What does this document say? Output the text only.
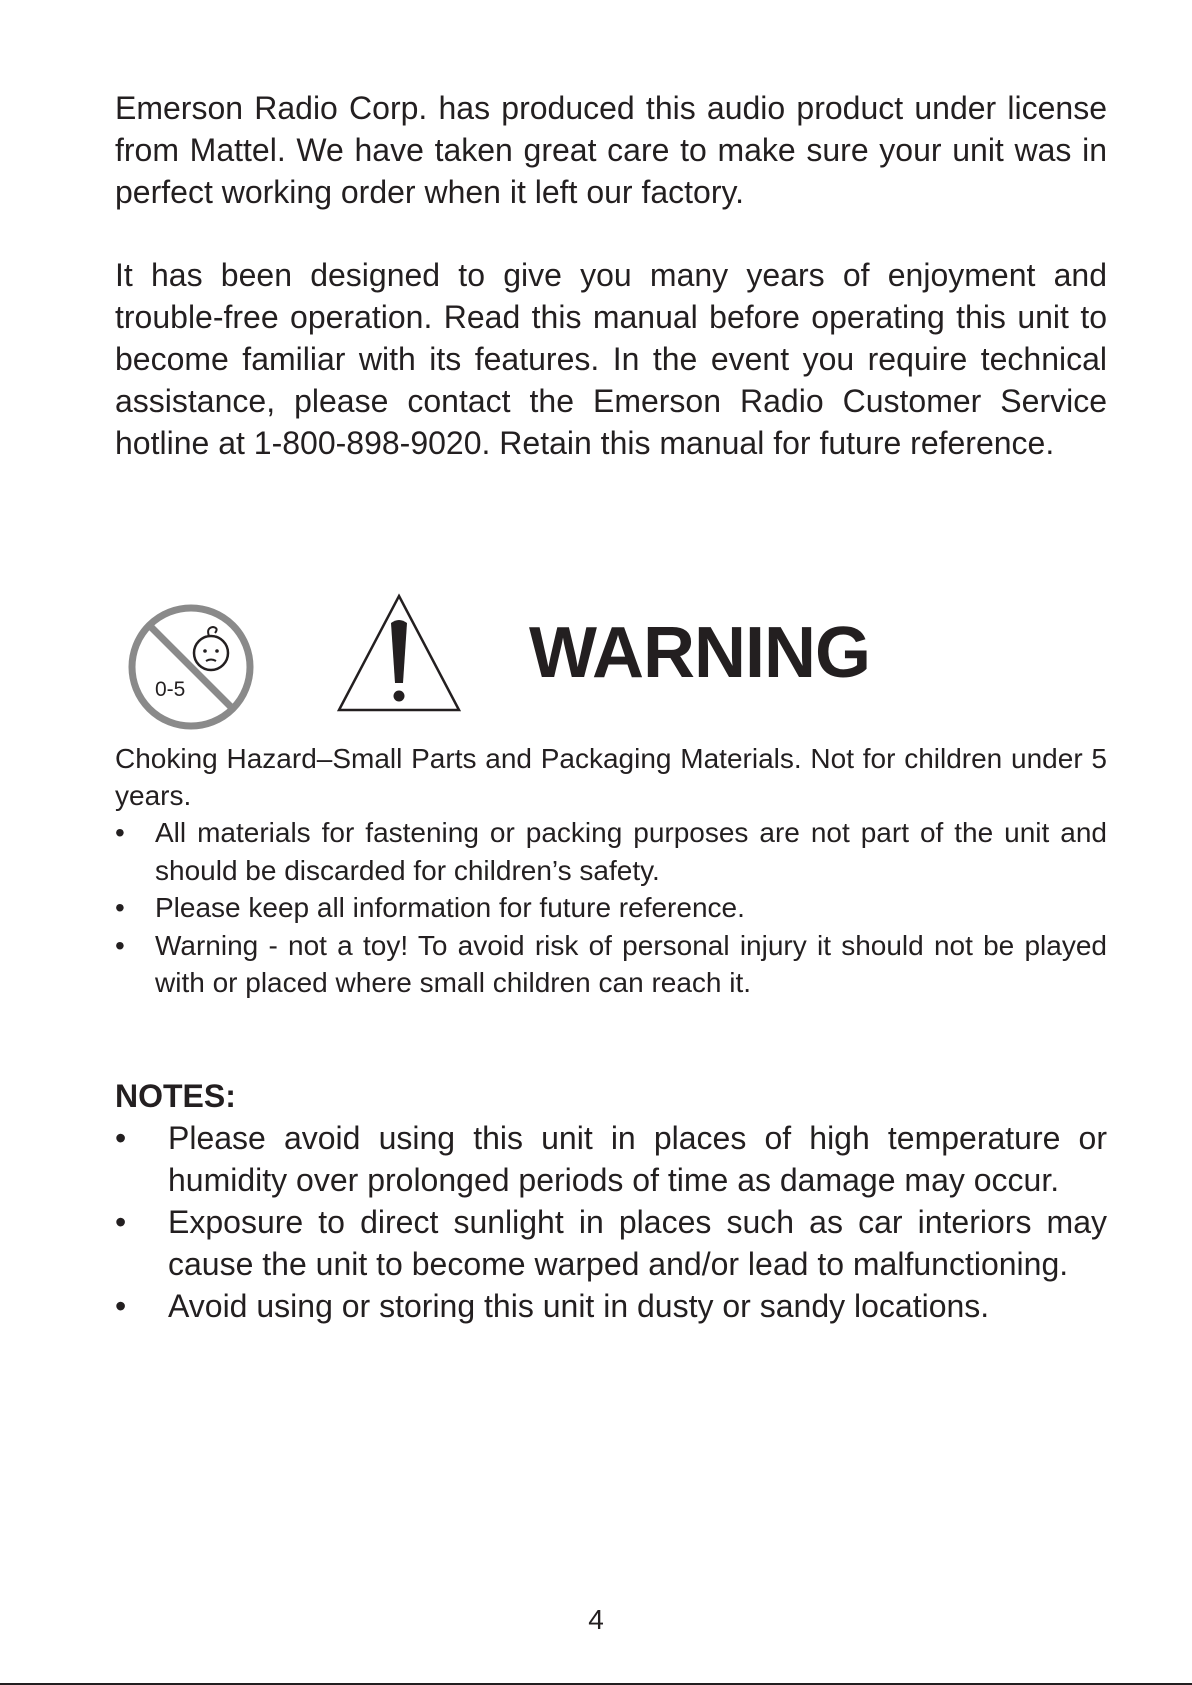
Emerson Radio Corp. has produced this audio product under license from Mattel. We have taken great care to make sure your unit was in perfect working order when it left our factory.

It has been designed to give you many years of enjoyment and trouble-free operation. Read this manual before operating this unit to become familiar with its features. In the event you require technical assistance, please contact the Emerson Radio Customer Service hotline at 1-800-898-9020. Retain this manual for future reference.

0-5	WARNING

Choking Hazard–Small Parts and Packaging Materials. Not for children under 5 years.

• All materials for fastening or packing purposes are not part of the unit and should be discarded for children’s safety.
• Please keep all information for future reference.
• Warning - not a toy! To avoid risk of personal injury it should not be played with or placed where small children can reach it.
NOTES:
• Please avoid using this unit in places of high temperature or humidity over prolonged periods of time as damage may occur.
• Exposure to direct sunlight in places such as car interiors may cause the unit to become warped and/or lead to malfunctioning.
• Avoid using or storing this unit in dusty or sandy locations.

4
